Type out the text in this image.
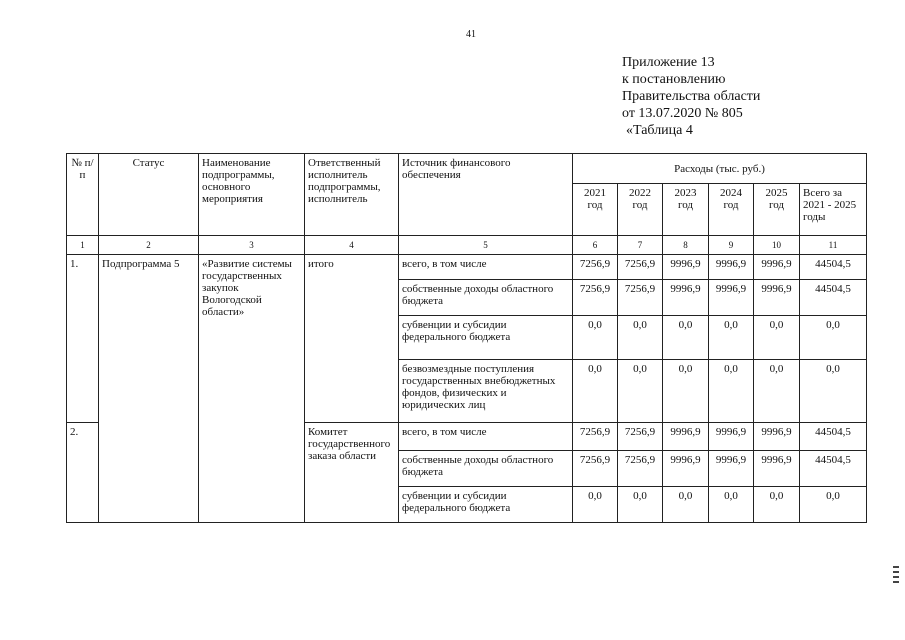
41
Приложение 13
к постановлению
Правительства области
от 13.07.2020 № 805
«Таблица 4
№ п/п	Статус	Наименование подпрограммы, основного мероприятия	Ответственный исполнитель подпрограммы, исполнитель	Источник финансового обеспечения	Расходы (тыс. руб.)					
					2021 год	2022 год	2023 год	2024 год	2025 год	Всего за 2021 - 2025 годы
1	2	3	4	5	6	7	8	9	10	11
1.	Подпрограмма 5	«Развитие системы государственных закупок Вологодской области»	итого	всего, в том числе	7256,9	7256,9	9996,9	9996,9	9996,9	44504,5
				собственные доходы областного бюджета	7256,9	7256,9	9996,9	9996,9	9996,9	44504,5
				субвенции и субсидии федерального бюджета	0,0	0,0	0,0	0,0	0,0	0,0
				безвозмездные поступления государственных внебюджетных фондов, физических и юридических лиц	0,0	0,0	0,0	0,0	0,0	0,0
2.			Комитет государственного заказа области	всего, в том числе	7256,9	7256,9	9996,9	9996,9	9996,9	44504,5
				собственные доходы областного бюджета	7256,9	7256,9	9996,9	9996,9	9996,9	44504,5
				субвенции и субсидии федерального бюджета	0,0	0,0	0,0	0,0	0,0	0,0
